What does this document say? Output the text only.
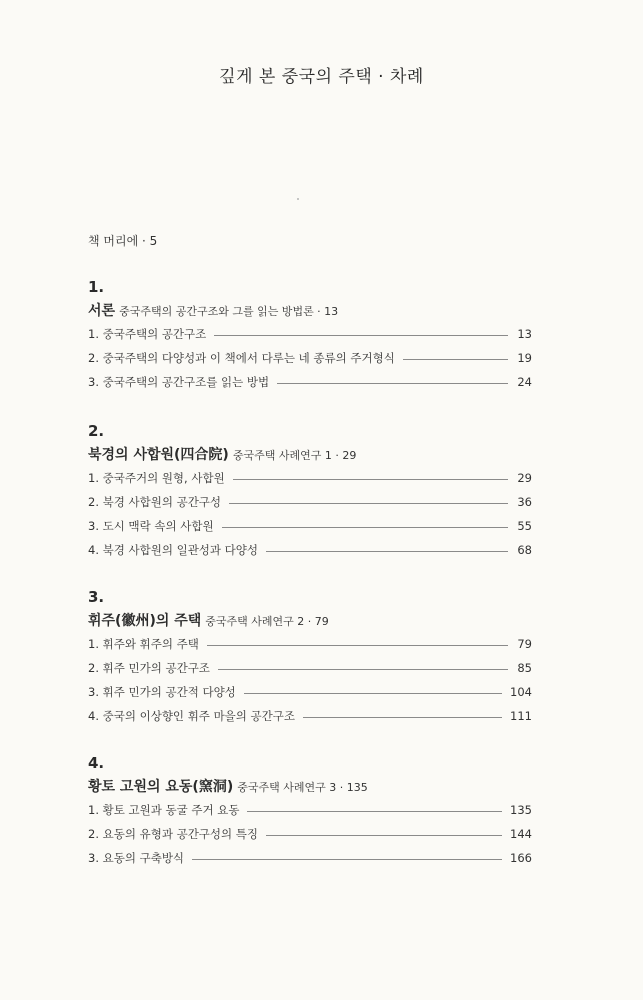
깊게 본 중국의 주택 · 차례
책 머리에 · 5
1.
서론 중국주택의 공간구조와 그를 읽는 방법론 · 13
1. 중국주택의 공간구조	13
2. 중국주택의 다양성과 이 책에서 다루는 네 종류의 주거형식	19
3. 중국주택의 공간구조를 읽는 방법	24
2.
북경의 사합원(四合院) 중국주택 사례연구 1 · 29
1. 중국주거의 원형, 사합원	29
2. 북경 사합원의 공간구성	36
3. 도시 맥락 속의 사합원	55
4. 북경 사합원의 일관성과 다양성	68
3.
휘주(徽州)의 주택 중국주택 사례연구 2 · 79
1. 휘주와 휘주의 주택	79
2. 휘주 민가의 공간구조	85
3. 휘주 민가의 공간적 다양성	104
4. 중국의 이상향인 휘주 마을의 공간구조	111
4.
황토 고원의 요동(窯洞) 중국주택 사례연구 3 · 135
1. 황토 고원과 동굴 주거 요동	135
2. 요동의 유형과 공간구성의 특징	144
3. 요동의 구축방식	166
